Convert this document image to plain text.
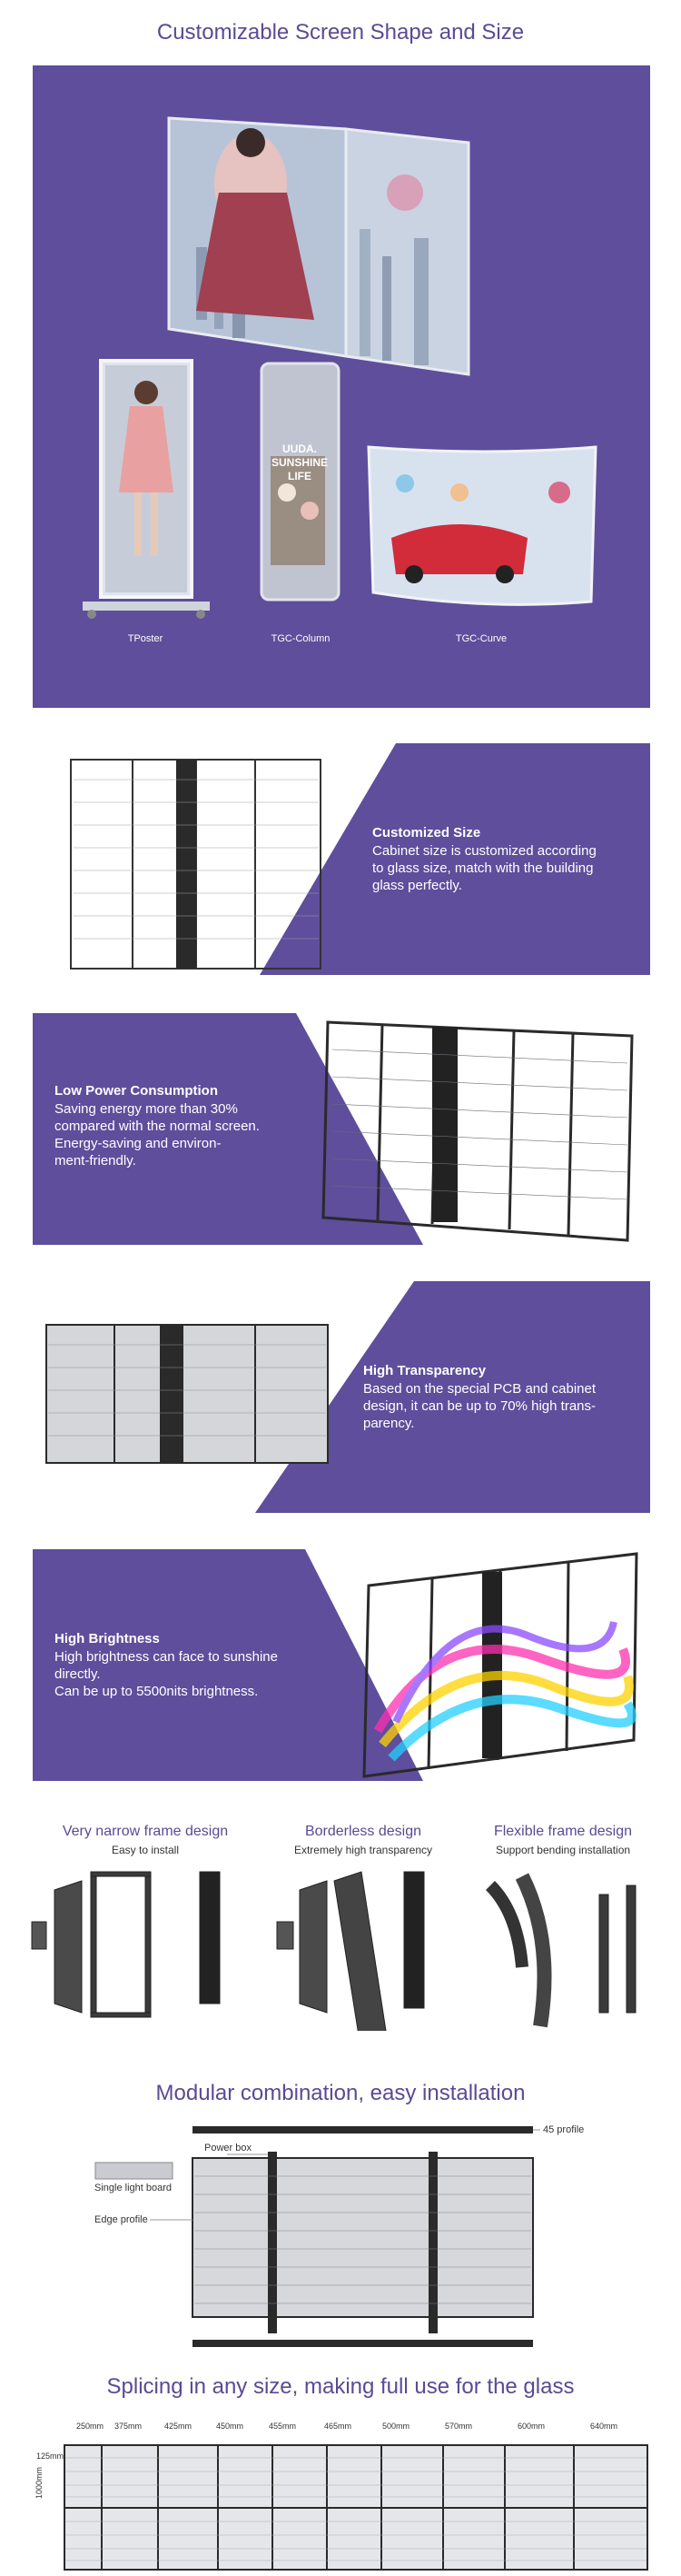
Customizable Screen Shape and Size
UUDA. SUNSHINE LIFE
TPoster	TGC-Column	TGC-Curve
Customized Size

Cabinet size is customized according

to glass size, match with the building

glass perfectly.

Low Power Consumption

Saving energy more than 30%

compared with the normal screen.

Energy-saving and environ-

ment-friendly.

High Transparency

Based on the special PCB and cabinet

design, it can be up to 70% high trans-

parency.

High Brightness

High brightness can face to sunshine

directly.

Can be up to 5500nits brightness.

Very narrow frame design
Easy to install
Borderless design
Extremely high transparency
Flexible frame design
Support bending installation
Modular combination, easy installation
45 profile
Power box
Single light board
Edge profile
Splicing in any size, making full use for the glass
250mm 375mm	425mm	450mm	455mm	465mm	500mm	570mm	600mm	640mm
125mm
1000mm
